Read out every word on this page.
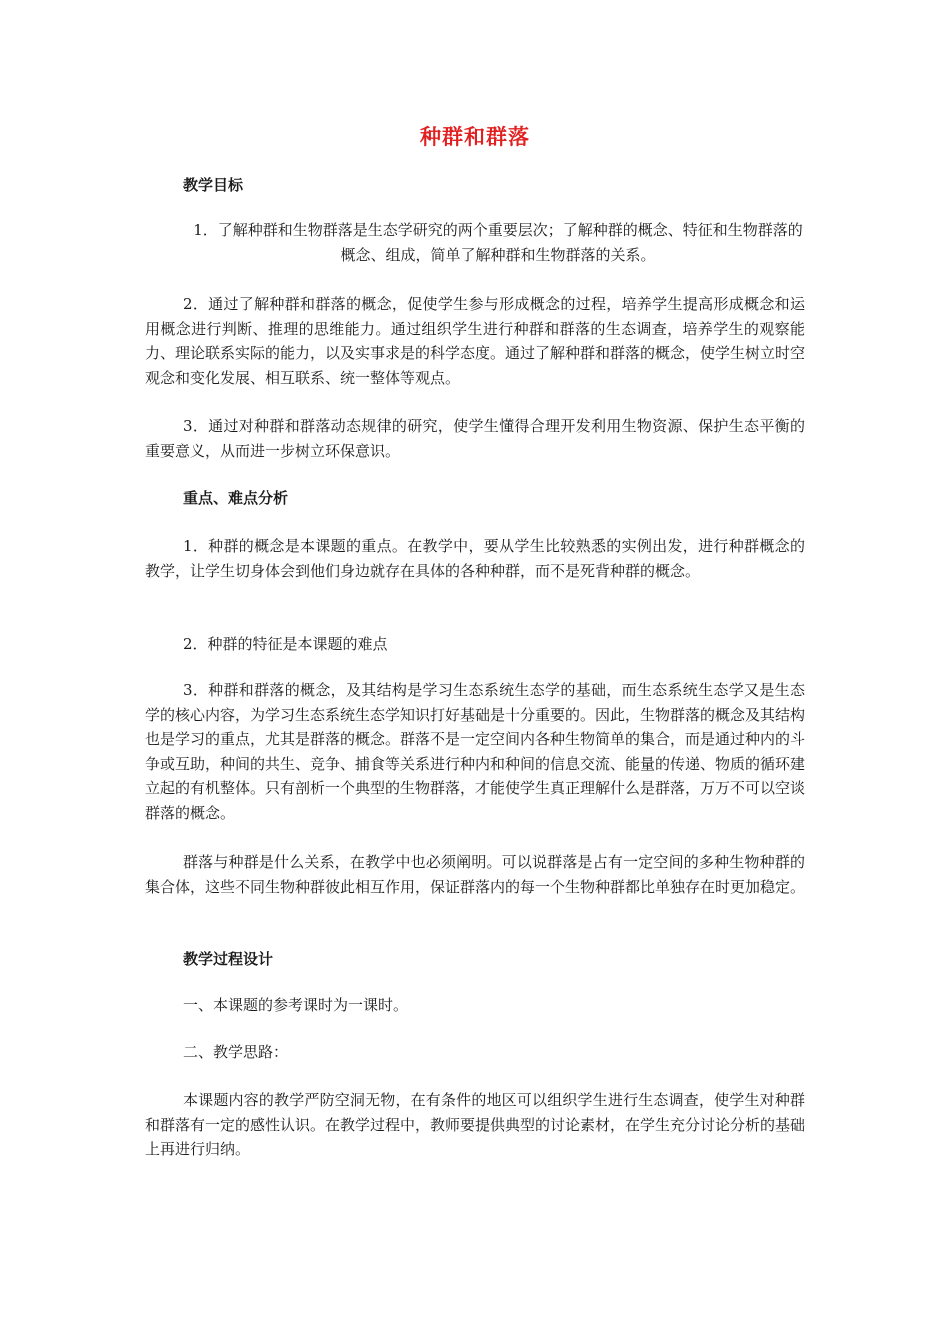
种群和群落
教学目标
1．了解种群和生物群落是生态学研究的两个重要层次；了解种群的概念、特征和生物群落的概念、组成，简单了解种群和生物群落的关系。
2．通过了解种群和群落的概念，促使学生参与形成概念的过程，培养学生提高形成概念和运用概念进行判断、推理的思维能力。通过组织学生进行种群和群落的生态调查，培养学生的观察能力、理论联系实际的能力，以及实事求是的科学态度。通过了解种群和群落的概念，使学生树立时空观念和变化发展、相互联系、统一整体等观点。
3．通过对种群和群落动态规律的研究，使学生懂得合理开发利用生物资源、保护生态平衡的重要意义，从而进一步树立环保意识。
重点、难点分析
1．种群的概念是本课题的重点。在教学中，要从学生比较熟悉的实例出发，进行种群概念的教学，让学生切身体会到他们身边就存在具体的各种种群，而不是死背种群的概念。
2．种群的特征是本课题的难点
3．种群和群落的概念，及其结构是学习生态系统生态学的基础，而生态系统生态学又是生态学的核心内容，为学习生态系统生态学知识打好基础是十分重要的。因此，生物群落的概念及其结构也是学习的重点，尤其是群落的概念。群落不是一定空间内各种生物简单的集合，而是通过种内的斗争或互助，种间的共生、竞争、捕食等关系进行种内和种间的信息交流、能量的传递、物质的循环建立起的有机整体。只有剖析一个典型的生物群落，才能使学生真正理解什么是群落，万万不可以空谈群落的概念。
群落与种群是什么关系，在教学中也必须阐明。可以说群落是占有一定空间的多种生物种群的集合体，这些不同生物种群彼此相互作用，保证群落内的每一个生物种群都比单独存在时更加稳定。
教学过程设计
一、本课题的参考课时为一课时。
二、教学思路：
本课题内容的教学严防空洞无物，在有条件的地区可以组织学生进行生态调查，使学生对种群和群落有一定的感性认识。在教学过程中，教师要提供典型的讨论素材，在学生充分讨论分析的基础上再进行归纳。
